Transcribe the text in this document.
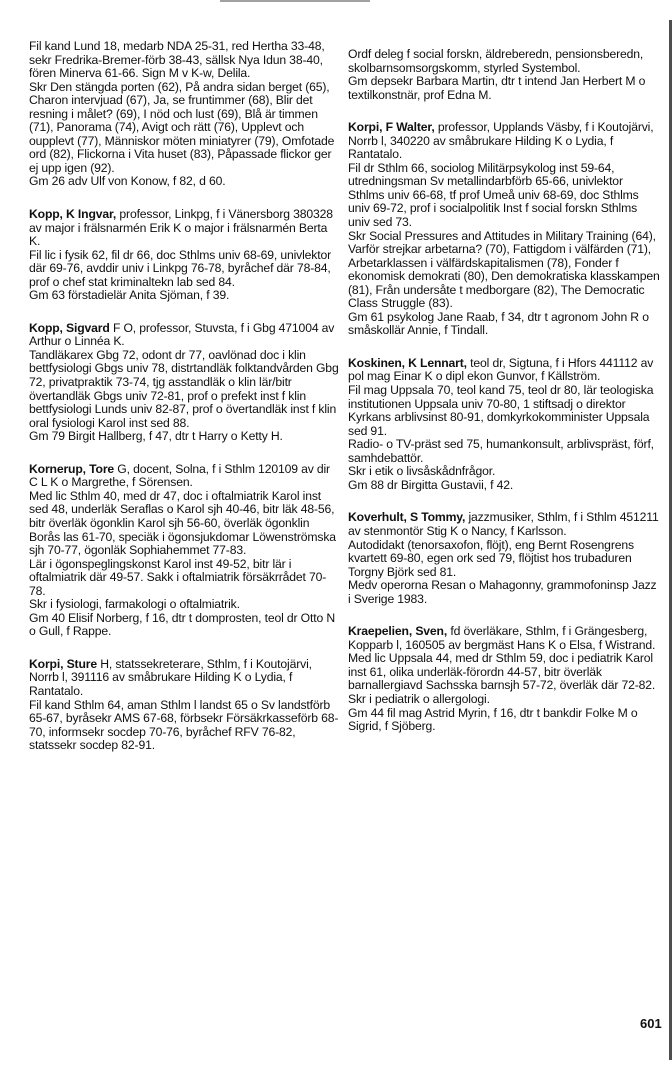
Fil kand Lund 18, medarb NDA 25-31, red Hertha 33-48, sekr Fredrika-Bremer-förb 38-43, sällsk Nya Idun 38-40, fören Minerva 61-66. Sign M v K-w, Delila.

Skr Den stängda porten (62), På andra sidan berget (65), Charon intervjuad (67), Ja, se fruntimmer (68), Blir det resning i målet? (69), I nöd och lust (69), Blå är timmen (71), Panorama (74), Avigt och rätt (76), Upplevt och oupplevt (77), Människor möten miniatyrer (79), Omfotade ord (82), Flickorna i Vita huset (83), Påpassade flickor ger ej upp igen (92).

Gm 26 adv Ulf von Konow, f 82, d 60.

Kopp, K Ingvar, professor, Linkpg, f i Vänersborg 380328 av major i frälsnarmén Erik K o major i frälsnarmén Berta K.

Fil lic i fysik 62, fil dr 66, doc Sthlms univ 68-69, univlektor där 69-76, avddir univ i Linkpg 76-78, byråchef där 78-84, prof o chef stat kriminaltekn lab sed 84.

Gm 63 förstadielär Anita Sjöman, f 39.

Kopp, Sigvard F O, professor, Stuvsta, f i Gbg 471004 av Arthur o Linnéa K.

Tandläkarex Gbg 72, odont dr 77, oavlönad doc i klin bettfysiologi Gbgs univ 78, distrtandläk folktandvården Gbg 72, privatpraktik 73-74, tjg asstandläk o klin lär/bitr övertandläk Gbgs univ 72-81, prof o prefekt inst f klin bettfysiologi Lunds univ 82-87, prof o övertandläk inst f klin oral fysiologi Karol inst sed 88.

Gm 79 Birgit Hallberg, f 47, dtr t Harry o Ketty H.

Kornerup, Tore G, docent, Solna, f i Sthlm 120109 av dir C L K o Margrethe, f Sörensen.

Med lic Sthlm 40, med dr 47, doc i oftalmiatrik Karol inst sed 48, underläk Seraflas o Karol sjh 40-46, bitr läk 48-56, bitr överläk ögonklin Karol sjh 56-60, överläk ögonklin Borås las 61-70, speciäk i ögonsjukdomar Löwenströmska sjh 70-77, ögonläk Sophiahemmet 77-83.

Lär i ögonspeglingskonst Karol inst 49-52, bitr lär i oftalmiatrik där 49-57. Sakk i oftalmiatrik försäkrrådet 70-78.

Skr i fysiologi, farmakologi o oftalmiatrik.

Gm 40 Elisif Norberg, f 16, dtr t domprosten, teol dr Otto N o Gull, f Rappe.

Korpi, Sture H, statssekreterare, Sthlm, f i Koutojärvi, Norrb l, 391116 av småbrukare Hilding K o Lydia, f Rantatalo.

Fil kand Sthlm 64, aman Sthlm l landst 65 o Sv landstförb 65-67, byråsekr AMS 67-68, förbsekr Försäkrkasseförb 68-70, informsekr socdep 70-76, byråchef RFV 76-82, statssekr socdep 82-91.

Ordf deleg f social forskn, äldreberedn, pensionsberedn, skolbarnsomsorgskomm, styrled Systembol.

Gm depsekr Barbara Martin, dtr t intend Jan Herbert M o textilkonstnär, prof Edna M.

Korpi, F Walter, professor, Upplands Väsby, f i Koutojärvi, Norrb l, 340220 av småbrukare Hilding K o Lydia, f Rantatalo.

Fil dr Sthlm 66, sociolog Militärpsykolog inst 59-64, utredningsman Sv metallindarbförb 65-66, univlektor Sthlms univ 66-68, tf prof Umeå univ 68-69, doc Sthlms univ 69-72, prof i socialpolitik Inst f social forskn Sthlms univ sed 73.

Skr Social Pressures and Attitudes in Military Training (64), Varför strejkar arbetarna? (70), Fattigdom i välfärden (71), Arbetarklassen i välfärdskapitalismen (78), Fonder f ekonomisk demokrati (80), Den demokratiska klasskampen (81), Från undersåte t medborgare (82), The Democratic Class Struggle (83).

Gm 61 psykolog Jane Raab, f 34, dtr t agronom John R o småskollär Annie, f Tindall.

Koskinen, K Lennart, teol dr, Sigtuna, f i Hfors 441112 av pol mag Einar K o dipl ekon Gunvor, f Källström.

Fil mag Uppsala 70, teol kand 75, teol dr 80, lär teologiska institutionen Uppsala univ 70-80, 1 stiftsadj o direktor Kyrkans arblivsinst 80-91, domkyrkokomminister Uppsala sed 91.

Radio- o TV-präst sed 75, humankonsult, arblivspräst, förf, samhdebattör.

Skr i etik o livsåskådnfrågor.

Gm 88 dr Birgitta Gustavii, f 42.

Koverhult, S Tommy, jazzmusiker, Sthlm, f i Sthlm 451211 av stenmontör Stig K o Nancy, f Karlsson.

Autodidakt (tenorsaxofon, flöjt), eng Bernt Rosengrens kvartett 69-80, egen ork sed 79, flöjtist hos trubaduren Torgny Björk sed 81.

Medv operorna Resan o Mahagonny, grammofoninsp Jazz i Sverige 1983.

Kraepelien, Sven, fd överläkare, Sthlm, f i Grängesberg, Kopparb l, 160505 av bergmäst Hans K o Elsa, f Wistrand.

Med lic Uppsala 44, med dr Sthlm 59, doc i pediatrik Karol inst 61, olika underläk-förordn 44-57, bitr överläk barnallergiavd Sachsska barnsjh 57-72, överläk där 72-82.

Skr i pediatrik o allergologi.

Gm 44 fil mag Astrid Myrin, f 16, dtr t bankdir Folke M o Sigrid, f Sjöberg.

601
